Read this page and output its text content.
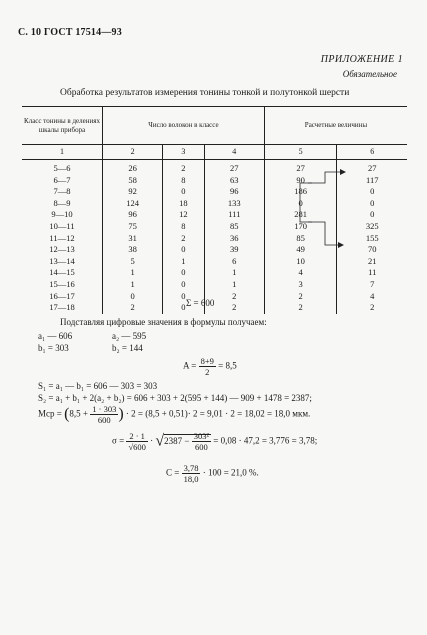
С. 10 ГОСТ 17514—93
ПРИЛОЖЕНИЕ 1
Обязательное
Обработка результатов измерения тонины тонкой и полутонкой шерсти
Класс тонины в делениях шкалы прибора	Число волокон в классе			Расчетные величины	
1	2	3	4	5	6
5—6	26	2	27	27	27
6—7	58	8	63	90	117
7—8	92	0	96	186	0
8—9	124	18	133	0	0
9—10	96	12	111	281	0
10—11	75	8	85	170	325
11—12	31	2	36	85	155
12—13	38	0	39	49	70
13—14	5	1	6	10	21
14—15	1	0	1	4	11
15—16	1	0	1	3	7
16—17	0	0	2	2	4
17—18	2	0	2	2	2
Σ = 600
Подставляя цифровые значения в формулы получаем:
a₁ — 606	a₂ — 595
b₁ = 303	b₂ = 144
$A = \frac{8+9}{2} = 8,5$
S₁ = a₁ — b₁ = 606 — 303 = 303
S₂ = a₁ + b₁ + 2(a₂ + b₂) = 606 + 303 + 2(595 + 144) — 909 + 1478 = 2387;
Mср = ($8,5 + \frac{1 \cdot 303}{600}$ ) · 2 = (8,5 + 0,51)· 2 = 9,01 · 2 = 18,02 = 18,0 мкм.
$\sigma = \frac{2 \cdot 1}{√600} \cdot √2387 - \frac{\text{303²}}{600} = 0,08 \cdot 47,2 = 3,776 = 3,78$;
$C = \frac{3,78}{18,0} \cdot 100 = 21,0$ %.
